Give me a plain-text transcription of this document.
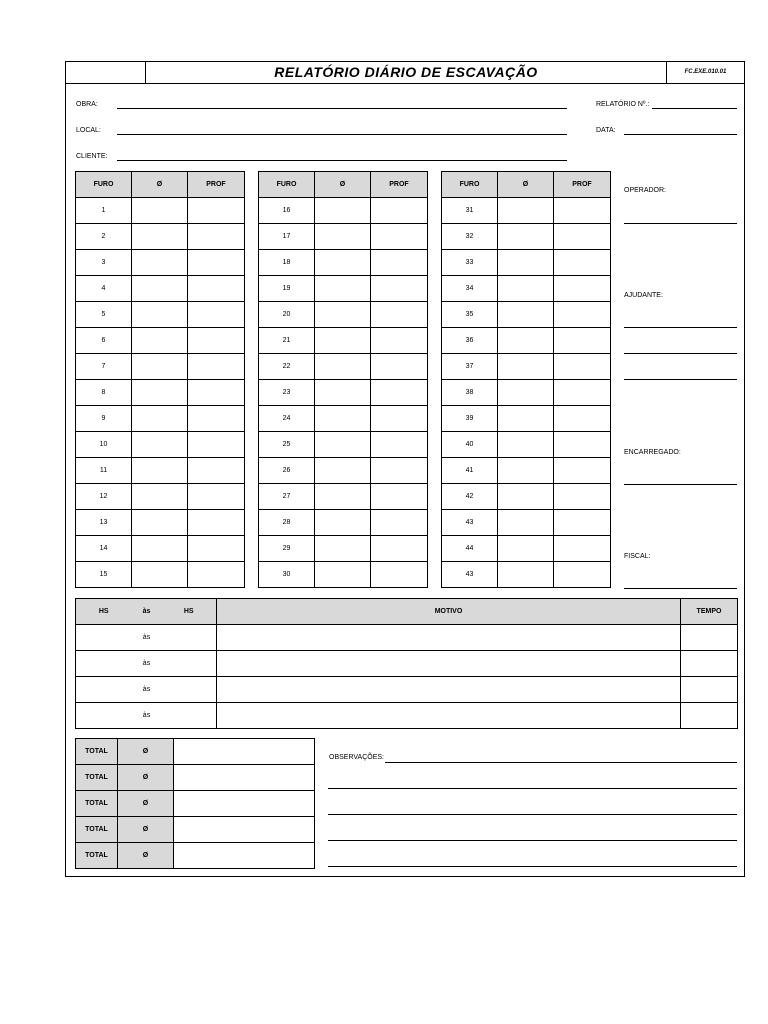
RELATÓRIO DIÁRIO DE ESCAVAÇÃO	FC.EXE.010.01
OBRA:
LOCAL:
CLIENTE:
RELATÓRIO Nº.:
DATA:
FURO	Ø	PROF
1		
2		
3		
4		
5		
6		
7		
8		
9		
10		
11		
12		
13		
14		
15		
FURO	Ø	PROF
16		
17		
18		
19		
20		
21		
22		
23		
24		
25		
26		
27		
28		
29		
30		
FURO	Ø	PROF
31		
32		
33		
34		
35		
36		
37		
38		
39		
40		
41		
42		
43		
44		
43		
OPERADOR:
AJUDANTE:
ENCARREGADO:
FISCAL:
HS	às	HS	MOTIVO	TEMPO
	às			
	às			
	às			
	às			
TOTAL	Ø	
TOTAL	Ø	
TOTAL	Ø	
TOTAL	Ø	
TOTAL	Ø	
OBSERVAÇÕES:
